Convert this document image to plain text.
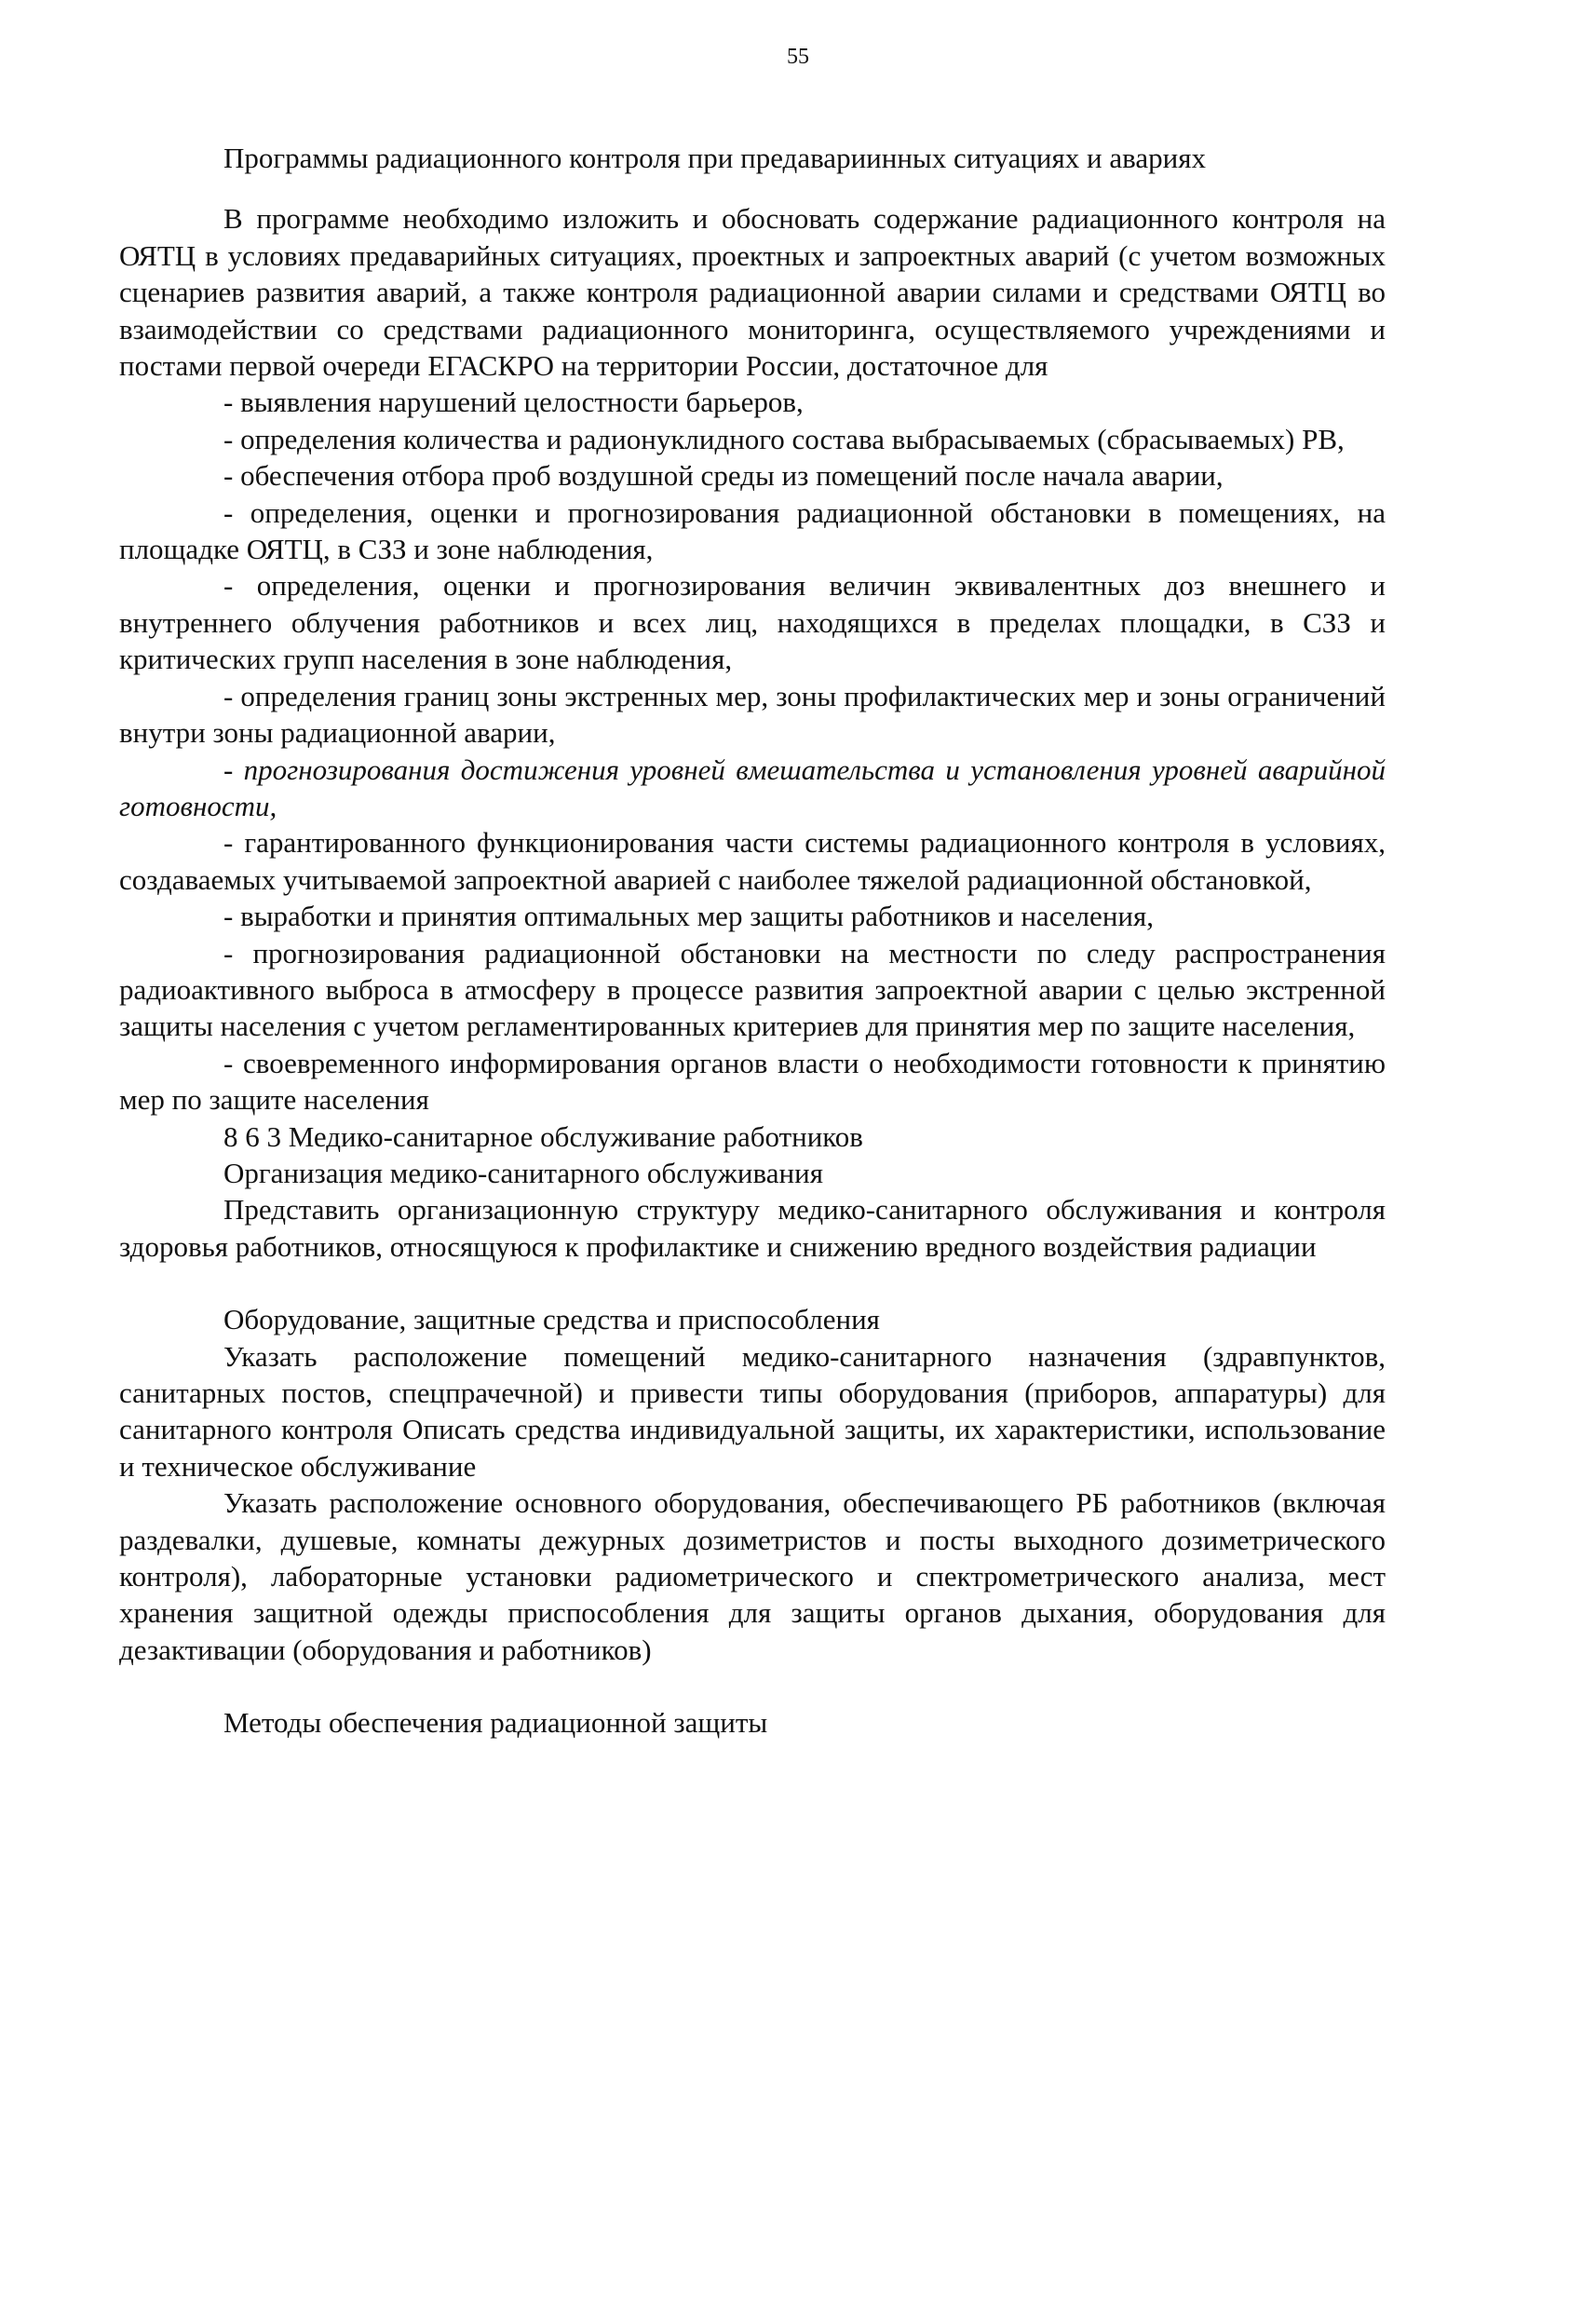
55

Программы радиационного контроля при предавариинных ситуациях и авариях

В программе необходимо изложить и обосновать содержание радиационного контроля на ОЯТЦ в условиях предаварийных ситуациях, проектных и запроектных аварий (с учетом возможных сценариев развития аварий, а также контроля радиационной аварии силами и средствами ОЯТЦ во взаимодействии со средствами радиационного мониторинга, осуществляемого учреждениями и постами первой очереди ЕГАСКРО на территории России, достаточное для

- выявления нарушений целостности барьеров,

- определения количества и радионуклидного состава выбрасываемых (сбрасываемых) РВ,

- обеспечения отбора проб воздушной среды из помещений после начала аварии,

- определения, оценки и прогнозирования радиационной обстановки в помещениях, на площадке ОЯТЦ, в СЗЗ и зоне наблюдения,

- определения, оценки и прогнозирования величин эквивалентных доз внешнего и внутреннего облучения работников и всех лиц, находящихся в пределах площадки, в СЗЗ и критических групп населения в зоне наблюдения,

- определения границ зоны экстренных мер, зоны профилактических мер и зоны ограничений внутри зоны радиационной аварии,

- прогнозирования достижения уровней вмешательства и установления уровней аварийной готовности,

- гарантированного функционирования части системы радиационного контроля в условиях, создаваемых учитываемой запроектной аварией с наиболее тяжелой радиационной обстановкой,

- выработки и принятия оптимальных мер защиты работников и населения,

- прогнозирования радиационной обстановки на местности по следу распространения радиоактивного выброса в атмосферу в процессе развития запроектной аварии с целью экстренной защиты населения с учетом регламентированных критериев для принятия мер по защите населения,

- своевременного информирования органов власти о необходимости готовности к принятию мер по защите населения

8 6 3 Медико-санитарное обслуживание работников

Организация медико-санитарного обслуживания

Представить организационную структуру медико-санитарного обслуживания и контроля здоровья работников, относящуюся к профилактике и снижению вредного воздействия радиации

Оборудование, защитные средства и приспособления

Указать расположение помещений медико-санитарного назначения (здравпунктов, санитарных постов, спецпрачечной) и привести типы оборудования (приборов, аппаратуры) для санитарного контроля Описать средства индивидуальной защиты, их характеристики, использование и техническое обслуживание

Указать расположение основного оборудования, обеспечивающего РБ работников (включая раздевалки, душевые, комнаты дежурных дозиметристов и посты выходного дозиметрического контроля), лабораторные установки радиометрического и спектрометрического анализа, мест хранения защитной одежды приспособления для защиты органов дыхания, оборудования для дезактивации (оборудования и работников)

Методы обеспечения радиационной защиты
